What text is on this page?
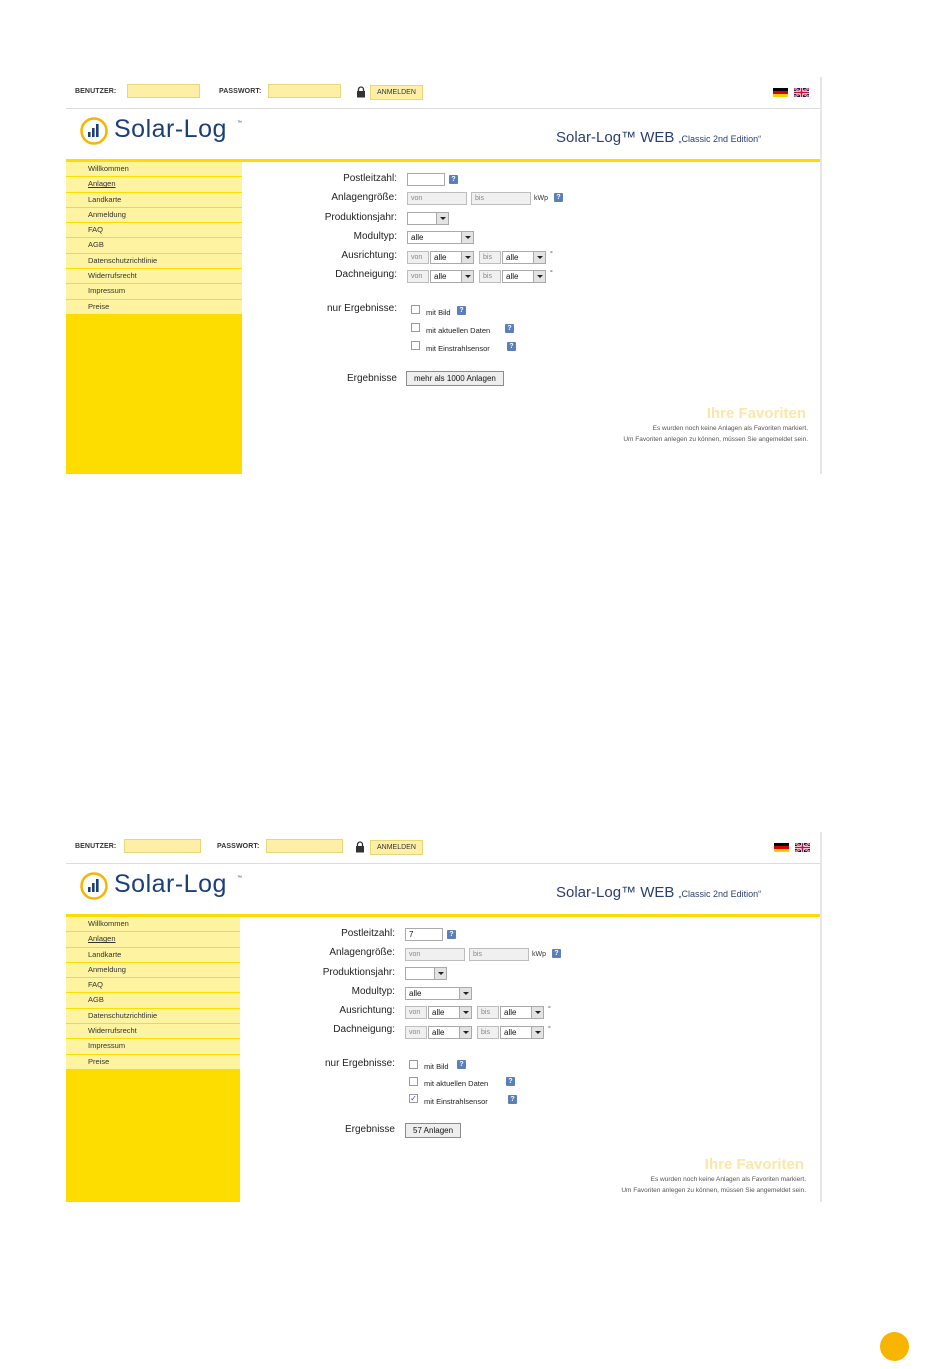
BENUTZER:	PASSWORT:	ANMELDEN
Solar-Log ™
Solar-Log™ WEB „Classic 2nd Edition“
Willkommen
Anlagen
Landkarte
Anmeldung
FAQ
AGB
Datenschutzrichtlinie
Widerrufsrecht
Impressum
Preise
Postleitzahl:	?
Anlagengröße:	von	bis	kWp	?
Produktionsjahr:
Modultyp:	alle
Ausrichtung:	von	alle	bis	alle	°
Dachneigung:	von	alle	bis	alle	°
nur Ergebnisse:	mit Bild	?
mit aktuellen Daten	?
mit Einstrahlsensor	?
Ergebnisse	mehr als 1000 Anlagen
Ihre Favoriten
Es wurden noch keine Anlagen als Favoriten markiert.
Um Favoriten anlegen zu können, müssen Sie angemeldet sein.
BENUTZER:	PASSWORT:	ANMELDEN
Solar-Log ™
Solar-Log™ WEB „Classic 2nd Edition“
Willkommen
Anlagen
Landkarte
Anmeldung
FAQ
AGB
Datenschutzrichtlinie
Widerrufsrecht
Impressum
Preise
Postleitzahl:	7	?
Anlagengröße:	von	bis	kWp	?
Produktionsjahr:
Modultyp:	alle
Ausrichtung:	von	alle	bis	alle	°
Dachneigung:	von	alle	bis	alle	°
nur Ergebnisse:	mit Bild	?
mit aktuellen Daten	?
✓ mit Einstrahlsensor	?
Ergebnisse	57 Anlagen
Ihre Favoriten
Es wurden noch keine Anlagen als Favoriten markiert.
Um Favoriten anlegen zu können, müssen Sie angemeldet sein.
